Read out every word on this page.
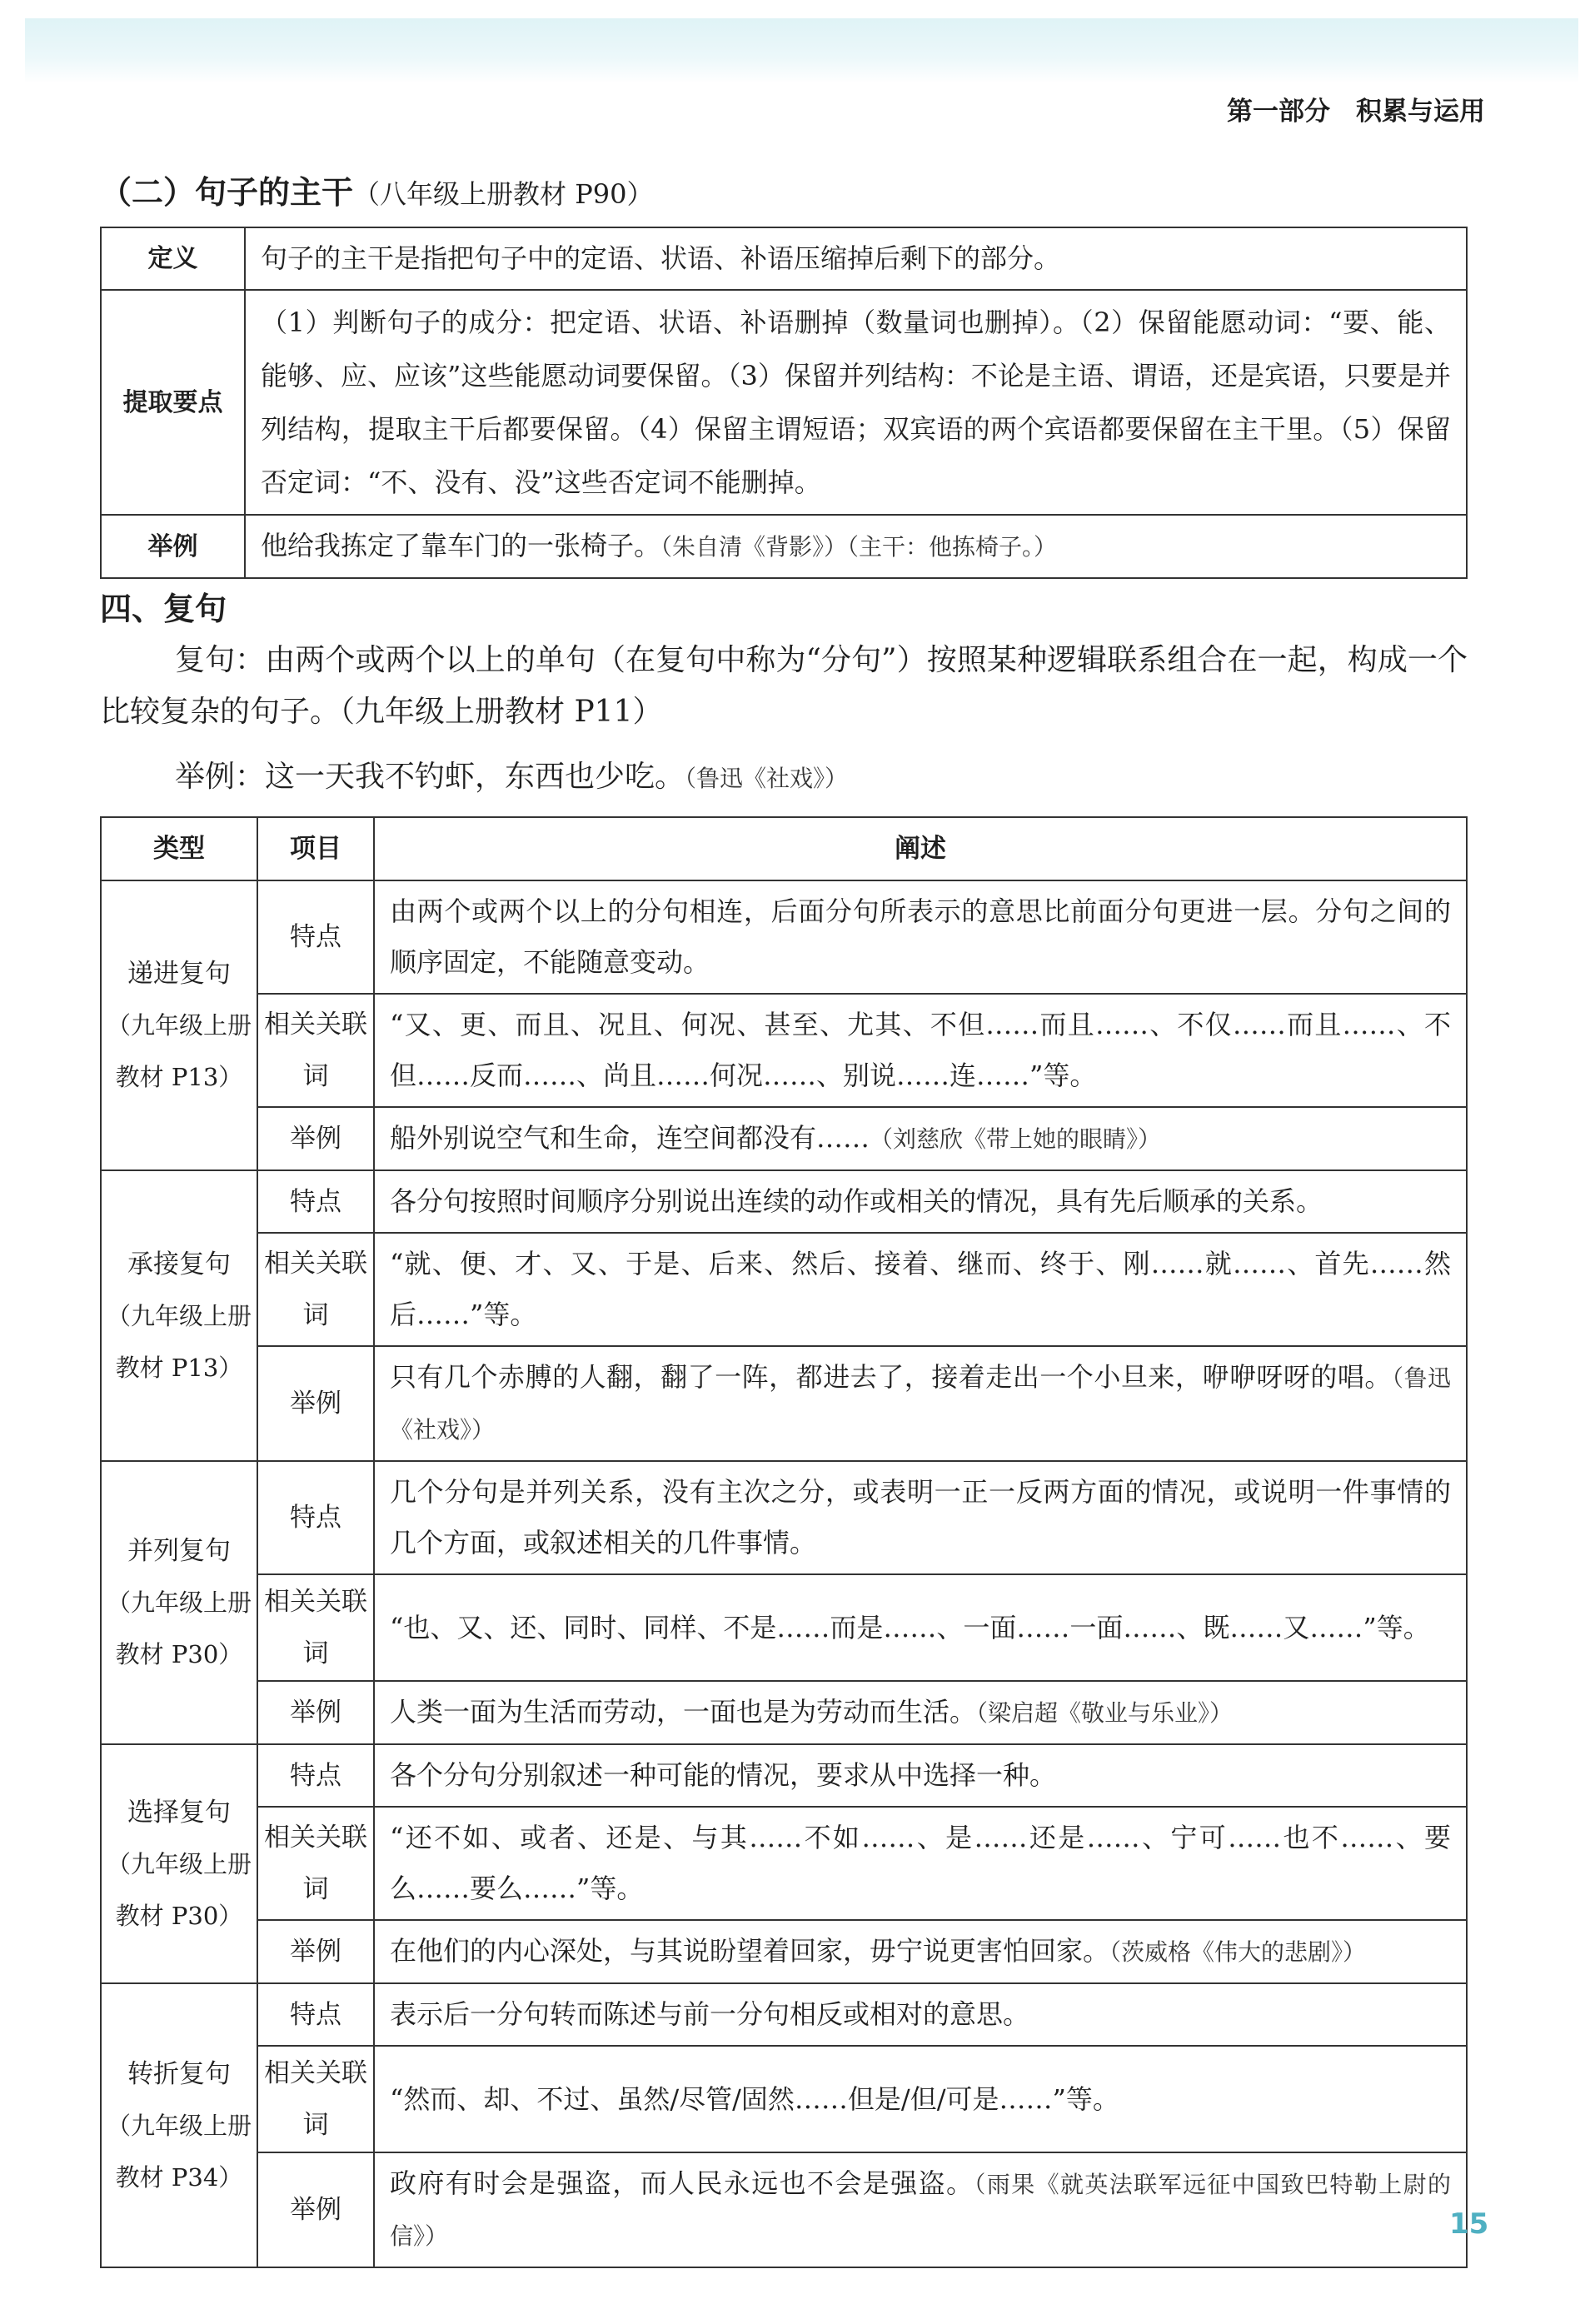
第一部分　积累与运用
（二）句子的主干（八年级上册教材 P90）
定义	句子的主干是指把句子中的定语、状语、补语压缩掉后剩下的部分。
提取要点	（1）判断句子的成分：把定语、状语、补语删掉（数量词也删掉）。（2）保留能愿动词：“要、能、能够、应、应该”这些能愿动词要保留。（3）保留并列结构：不论是主语、谓语，还是宾语，只要是并列结构，提取主干后都要保留。（4）保留主谓短语；双宾语的两个宾语都要保留在主干里。（5）保留否定词：“不、没有、没”这些否定词不能删掉。
举例	他给我拣定了靠车门的一张椅子。（朱自清《背影》）（主干：他拣椅子。）
四、复句
复句：由两个或两个以上的单句（在复句中称为“分句”）按照某种逻辑联系组合在一起，构成一个比较复杂的句子。（九年级上册教材 P11）
举例：这一天我不钓虾，东西也少吃。（鲁迅《社戏》）
类型	项目	阐述

递进复句
（九年级上册教材 P13）	特点	由两个或两个以上的分句相连，后面分句所表示的意思比前面分句更进一层。分句之间的顺序固定，不能随意变动。
	相关关联词	“又、更、而且、况且、何况、甚至、尤其、不但……而且……、不仅……而且……、不但……反而……、尚且……何况……、别说……连……”等。
	举例	船外别说空气和生命，连空间都没有……（刘慈欣《带上她的眼睛》）

承接复句
（九年级上册教材 P13）	特点	各分句按照时间顺序分别说出连续的动作或相关的情况，具有先后顺承的关系。
	相关关联词	“就、便、才、又、于是、后来、然后、接着、继而、终于、刚……就……、首先……然后……”等。
	举例	只有几个赤膊的人翻，翻了一阵，都进去了，接着走出一个小旦来，咿咿呀呀的唱。（鲁迅《社戏》）

并列复句
（九年级上册教材 P30）	特点	几个分句是并列关系，没有主次之分，或表明一正一反两方面的情况，或说明一件事情的几个方面，或叙述相关的几件事情。
	相关关联词	“也、又、还、同时、同样、不是……而是……、一面……一面……、既……又……”等。
	举例	人类一面为生活而劳动，一面也是为劳动而生活。（梁启超《敬业与乐业》）

选择复句
（九年级上册教材 P30）	特点	各个分句分别叙述一种可能的情况，要求从中选择一种。
	相关关联词	“还不如、或者、还是、与其……不如……、是……还是……、宁可……也不……、要么……要么……”等。
	举例	在他们的内心深处，与其说盼望着回家，毋宁说更害怕回家。（茨威格《伟大的悲剧》）

转折复句
（九年级上册教材 P34）	特点	表示后一分句转而陈述与前一分句相反或相对的意思。
	相关关联词	“然而、却、不过、虽然/尽管/固然……但是/但/可是……”等。
	举例	政府有时会是强盗，而人民永远也不会是强盗。（雨果《就英法联军远征中国致巴特勒上尉的信》）	15
